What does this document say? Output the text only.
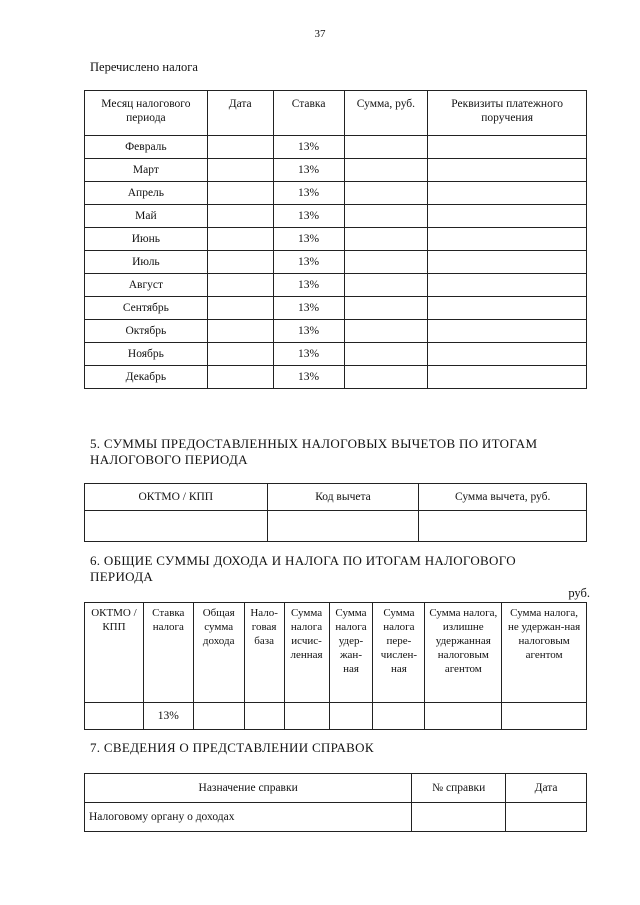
37
Перечислено налога
Месяц налогового периода	Дата	Ставка	Сумма, руб.	Реквизиты платежного поручения
Февраль		13%		
Март		13%		
Апрель		13%		
Май		13%		
Июнь		13%		
Июль		13%		
Август		13%		
Сентябрь		13%		
Октябрь		13%		
Ноябрь		13%		
Декабрь		13%		
5. СУММЫ ПРЕДОСТАВЛЕННЫХ НАЛОГОВЫХ ВЫЧЕТОВ ПО ИТОГАМ
НАЛОГОВОГО ПЕРИОДА
ОКТМО / КПП	Код вычета	Сумма вычета, руб.

6. ОБЩИЕ СУММЫ ДОХОДА И НАЛОГА ПО ИТОГАМ НАЛОГОВОГО
ПЕРИОДА
руб.
ОКТМО / КПП	Ставка налога	Общая сумма дохода	Нало-говая база	Сумма налога исчис-ленная	Сумма налога удер-жан-ная	Сумма налога пере-числен-ная	Сумма налога, излишне удержанная налоговым агентом	Сумма налога, не удержан-ная налоговым агентом
	13%							
7. СВЕДЕНИЯ О ПРЕДСТАВЛЕНИИ СПРАВОК
Назначение справки	№ справки	Дата
Налоговому органу о доходах		
